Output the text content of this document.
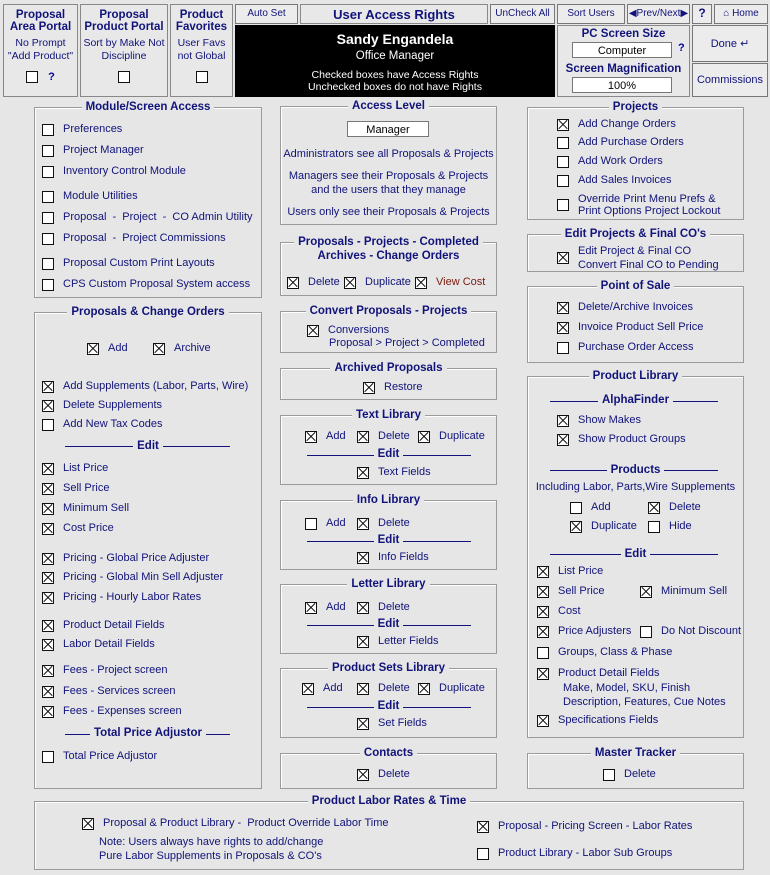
Proposal Area Portal
No Prompt "Add Product"
?
Proposal Product Portal
Sort by Make Not Discipline
Product Favorites
User Favs not Global
Auto Set	User Access Rights	UnCheck All	Sort Users	◀Prev/Next▶ ?	⌂ Home
Sandy Engandela
Office Manager
Checked boxes have Access Rights
Unchecked boxes do not have Rights
PC Screen Size
Computer	?
Screen Magnification
100%
Done ↵
Commissions
Module/Screen Access
Preferences
Project Manager
Inventory Control Module
Module Utilities
Proposal  -  Project  -  CO Admin Utility
Proposal  -  Project Commissions
Proposal Custom Print Layouts
CPS Custom Proposal System access
Proposals & Change Orders
Add	Archive
Add Supplements (Labor, Parts, Wire)
Delete Supplements
Add New Tax Codes
Edit
List Price
Sell Price
Minimum Sell
Cost Price
Pricing - Global Price Adjuster
Pricing - Global Min Sell Adjuster
Pricing - Hourly Labor Rates
Product Detail Fields
Labor Detail Fields
Fees - Project screen
Fees - Services screen
Fees - Expenses screen
Total Price Adjustor
Total Price Adjustor
Access Level
Manager
Administrators see all Proposals & Projects
Managers see their Proposals & Projects
and the users that they manage
Users only see their Proposals & Projects
Proposals - Projects - Completed
Archives - Change Orders
Delete Duplicate View Cost
Convert Proposals - Projects
Conversions
Proposal > Project > Completed
Archived Proposals
Restore
Text Library
Add	Delete	Duplicate
Edit
Text Fields
Info Library
Add	Delete
Edit
Info Fields
Letter Library
Add	Delete
Edit
Letter Fields
Product Sets Library
Add	Delete	Duplicate
Edit
Set Fields
Contacts
Delete
Projects
Add Change Orders
Add Purchase Orders
Add Work Orders
Add Sales Invoices
Override Print Menu Prefs &
Print Options Project Lockout
Edit Projects & Final CO's
Edit Project & Final CO
Convert Final CO to Pending
Point of Sale
Delete/Archive Invoices
Invoice Product Sell Price
Purchase Order Access
Product Library
AlphaFinder
Show Makes
Show Product Groups
Products
Including Labor, Parts,Wire Supplements
Add	Delete
Duplicate	Hide
Edit
List Price
Sell Price	Minimum Sell
Cost
Price Adjusters	Do Not Discount
Groups, Class & Phase
Product Detail Fields
Make, Model, SKU, Finish
Description, Features, Cue Notes
Specifications Fields
Master Tracker
Delete
Product Labor Rates & Time
Proposal & Product Library -  Product Override Labor Time
Note: Users always have rights to add/change
Pure Labor Supplements in Proposals & CO's
Proposal - Pricing Screen - Labor Rates
Product Library - Labor Sub Groups
